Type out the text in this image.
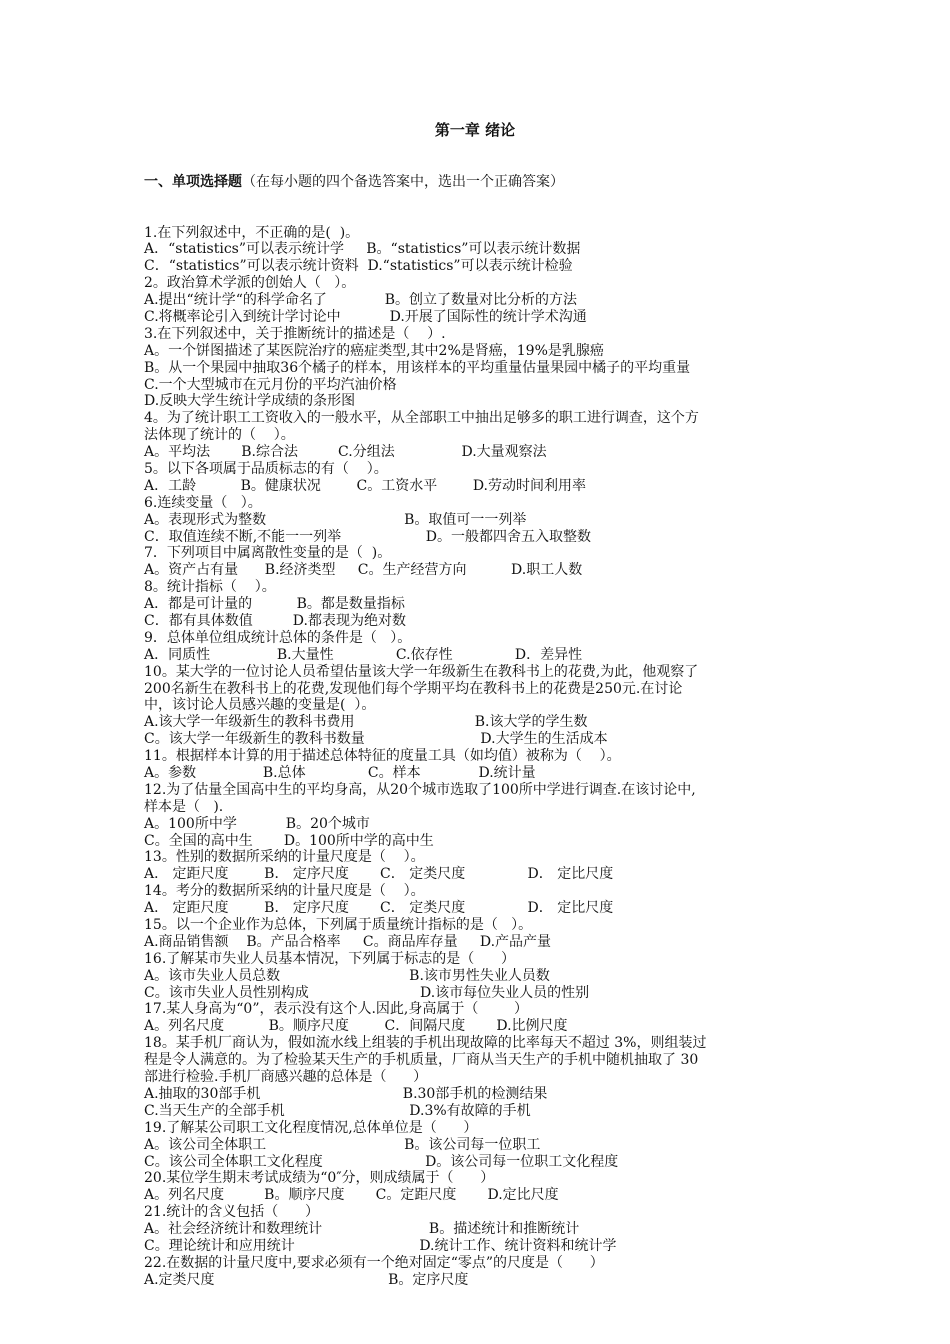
第一章 绪论

一、单项选择题（在每小题的四个备选答案中，选出一个正确答案）

1.在下列叙述中，不正确的是(  )。
A．“statistics”可以表示统计学     B。“statistics”可以表示统计数据
C．“statistics”可以表示统计资料  D.“statistics”可以表示统计检验
2。政治算术学派的创始人（   ）。
A.提出“统计学“的科学命名了             B。创立了数量对比分析的方法
C.将概率论引入到统计学讨论中           D.开展了国际性的统计学术沟通
3.在下列叙述中，关于推断统计的描述是（    ）.
A。一个饼图描述了某医院治疗的癌症类型,其中2%是肾癌，19%是乳腺癌
B。从一个果园中抽取36个橘子的样本，用该样本的平均重量估量果园中橘子的平均重量
C.一个大型城市在元月份的平均汽油价格
D.反映大学生统计学成绩的条形图
4。为了统计职工工资收入的一般水平，从全部职工中抽出足够多的职工进行调查，这个方
法体现了统计的（    ）。
A。平均法       B.综合法         C.分组法               D.大量观察法
5。以下各项属于品质标志的有（    ）。
A．工龄          B。健康状况        C。工资水平        D.劳动时间利用率
6.连续变量（   ）。
A。表现形式为整数                               B。取值可一一列举
C．取值连续不断,不能一一列举                   D。一般都四舍五入取整数
7．下列项目中属离散性变量的是（  )。
A。资产占有量      B.经济类型     C。生产经营方向          D.职工人数
8。统计指标（    ）。
A．都是可计量的          B。都是数量指标
C．都有具体数值         D.都表现为绝对数
9．总体单位组成统计总体的条件是（   ）。
A．同质性               B.大量性              C.依存性              D．差异性
10。某大学的一位讨论人员希望估量该大学一年级新生在教科书上的花费,为此，他观察了
200名新生在教科书上的花费,发现他们每个学期平均在教科书上的花费是250元.在讨论
中，该讨论人员感兴趣的变量是(  ）。
A.该大学一年级新生的教科书费用                           B.该大学的学生数
C。该大学一年级新生的教科书数量                          D.大学生的生活成本
11。根据样本计算的用于描述总体特征的度量工具（如均值）被称为（    ）。
A。参数               B.总体              C。样本             D.统计量
12.为了估量全国高中生的平均身高，从20个城市选取了100所中学进行调查.在该讨论中,
样本是（   ).
A。100所中学           B。20个城市
C。全国的高中生       D。100所中学的高中生
13。性别的数据所采纳的计量尺度是（    ）。
A． 定距尺度        B． 定序尺度       C． 定类尺度              D． 定比尺度
14。考分的数据所采纳的计量尺度是（    ）。
A． 定距尺度        B． 定序尺度       C． 定类尺度              D． 定比尺度
15。以一个企业作为总体，下列属于质量统计指标的是（   ）。
A.商品销售额    B。产品合格率     C。商品库存量     D.产品产量
16.了解某市失业人员基本情况，下列属于标志的是（      ）
A。该市失业人员总数                             B.该市男性失业人员数
C。该市失业人员性别构成                         D.该市每位失业人员的性别
17.某人身高为“0”，表示没有这个人.因此,身高属于（        ）
A。列名尺度          B。顺序尺度        C．间隔尺度       D.比例尺度
18。某手机厂商认为，假如流水线上组装的手机出现故障的比率每天不超过 3%，则组装过
程是令人满意的。为了检验某天生产的手机质量，厂商从当天生产的手机中随机抽取了 30
部进行检验.手机厂商感兴趣的总体是（      ）
A.抽取的30部手机                                B.30部手机的检测结果
C.当天生产的全部手机                            D.3%有故障的手机
19.了解某公司职工文化程度情况,总体单位是（      ）
A。该公司全体职工                               B。该公司每一位职工
C。该公司全体职工文化程度                       D。该公司每一位职工文化程度
20.某位学生期末考试成绩为“0″分，则成绩属于（      ）
A。列名尺度         B。顺序尺度       C。定距尺度       D.定比尺度
21.统计的含义包括（      ）
A。社会经济统计和数理统计                        B。描述统计和推断统计
C。理论统计和应用统计                            D.统计工作、统计资料和统计学
22.在数据的计量尺度中,要求必须有一个绝对固定“零点”的尺度是（      ）
A.定类尺度                                       B。定序尺度
